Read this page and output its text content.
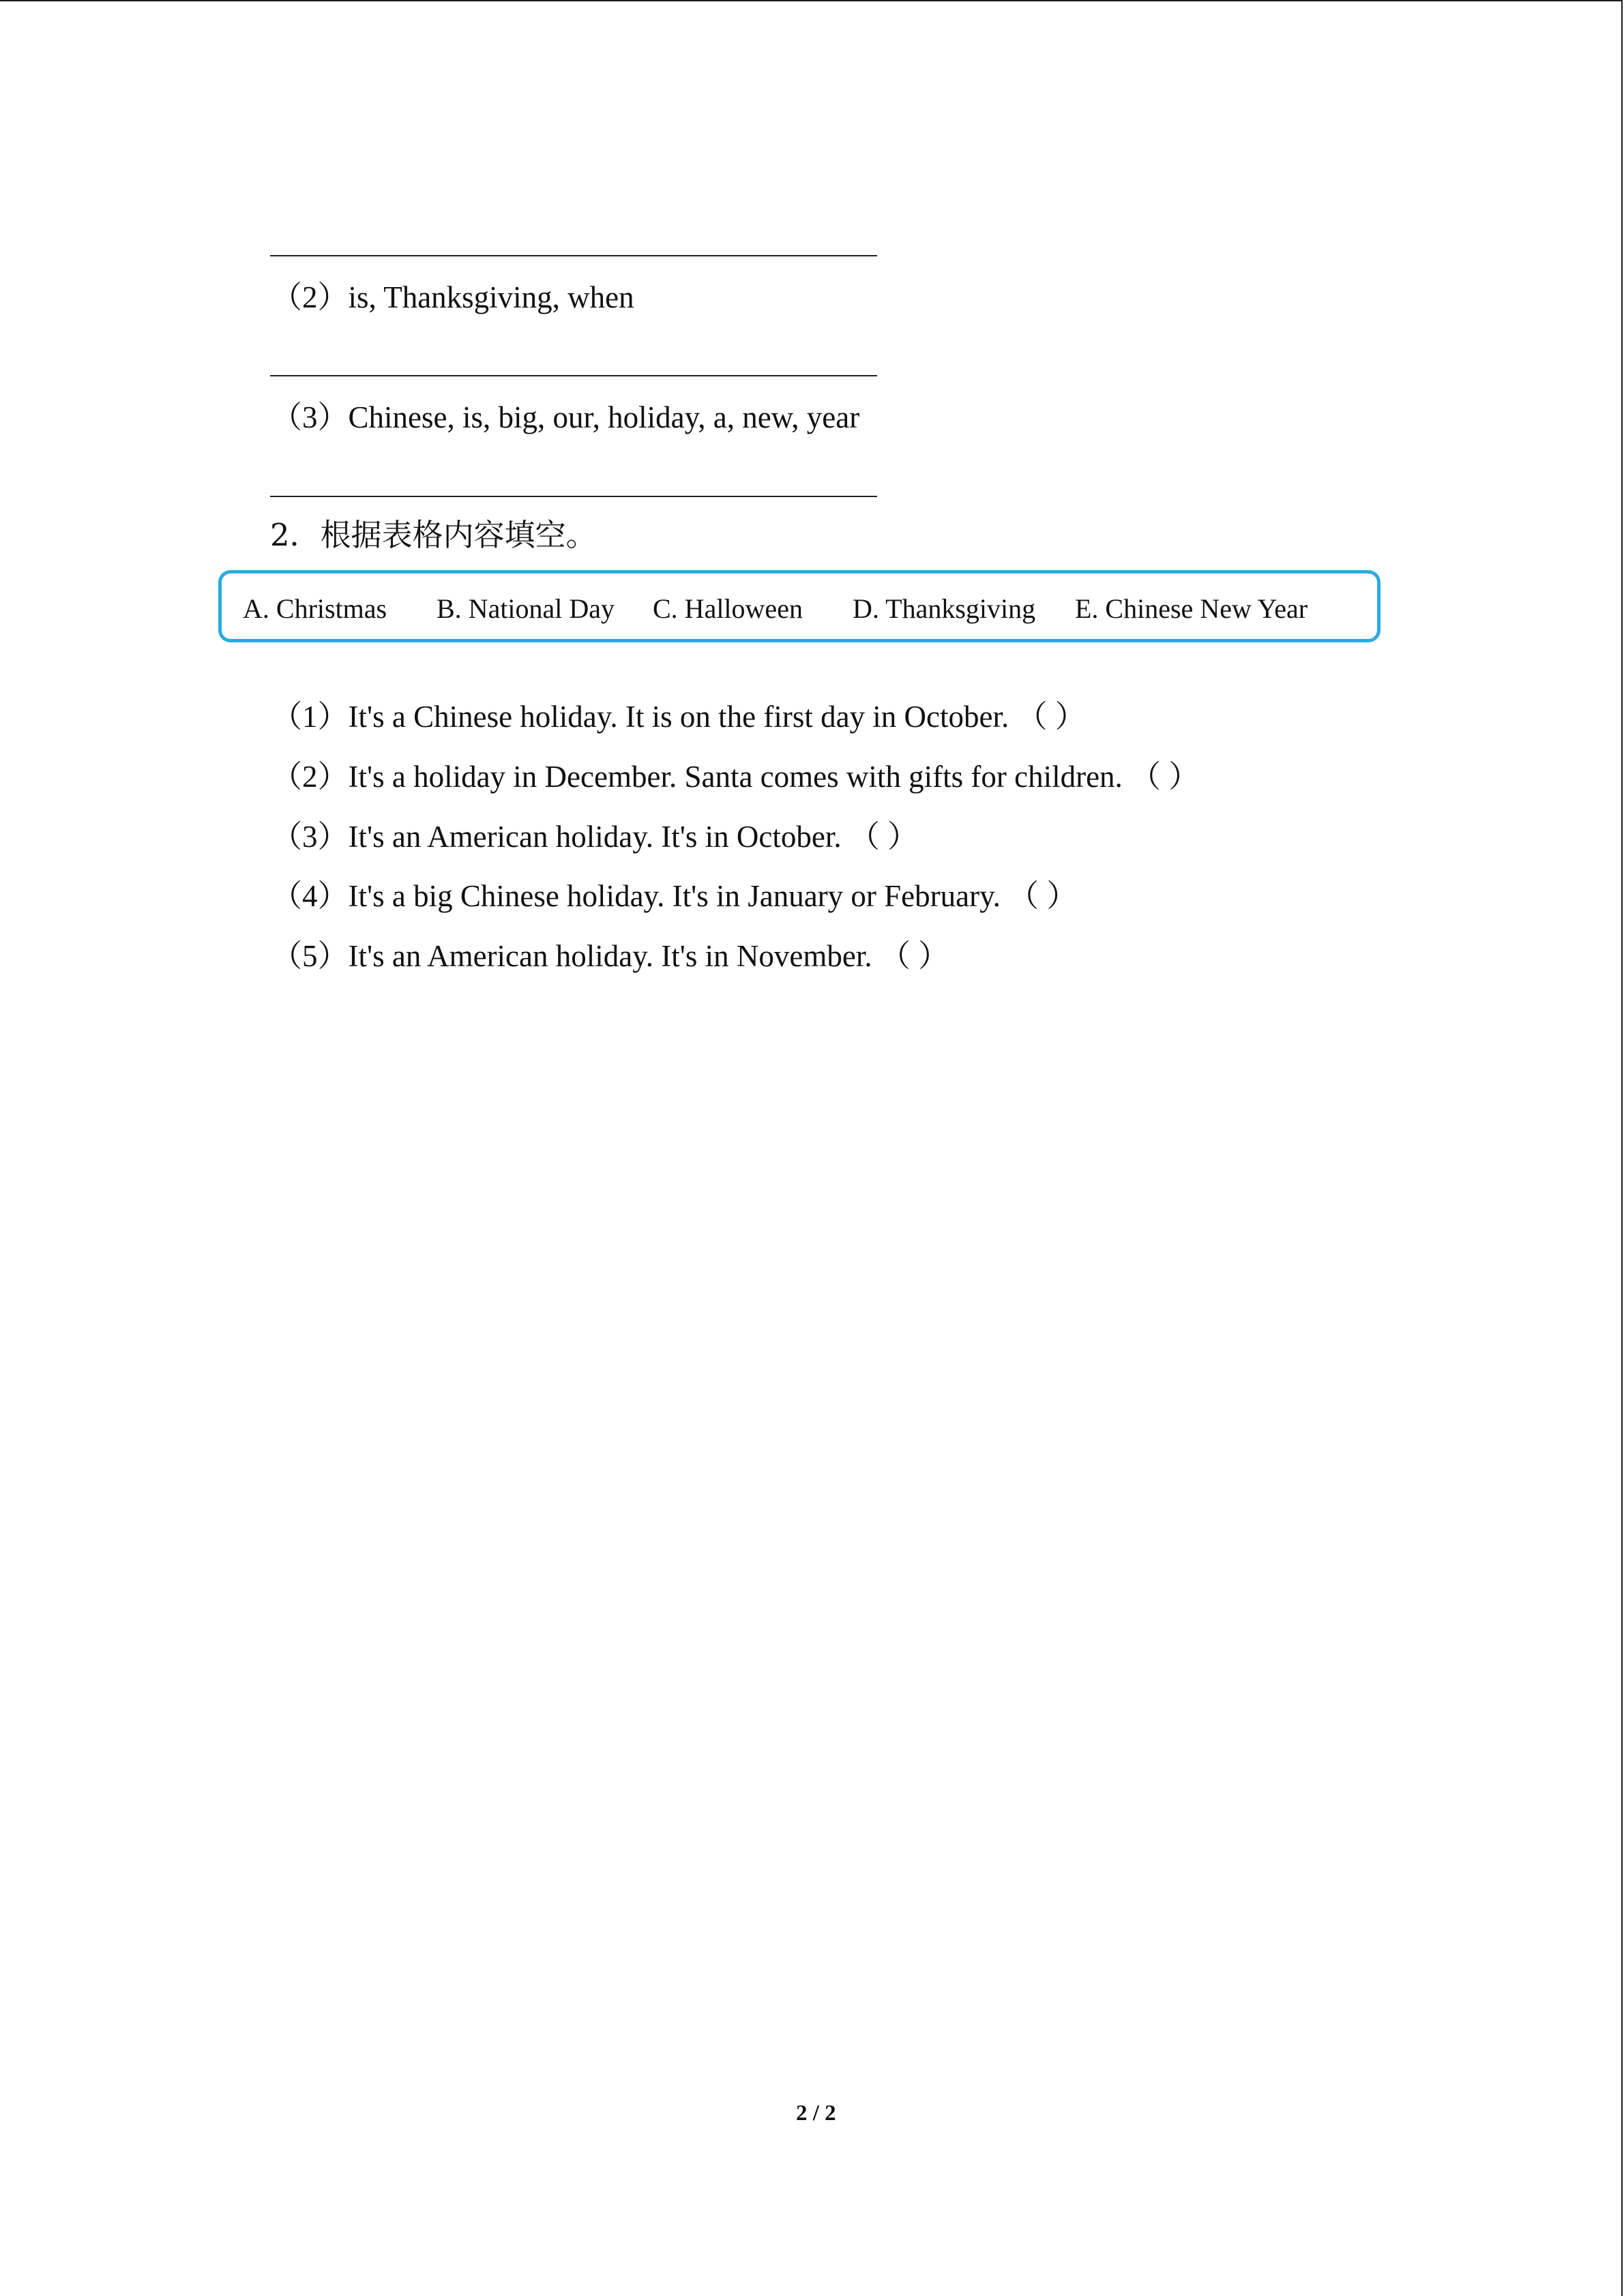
（2）is, Thanksgiving, when
（3）Chinese, is, big, our, holiday, a, new, year
2．根据表格内容填空。
A. Christmas B. National Day C. Halloween D. Thanksgiving E. Chinese New Year
（1）It's a Chinese holiday. It is on the first day in October. （ ）
（2）It's a holiday in December. Santa comes with gifts for children. （ ）
（3）It's an American holiday. It's in October. （ ）
（4）It's a big Chinese holiday. It's in January or February. （ ）
（5）It's an American holiday. It's in November. （ ）
2 / 2
